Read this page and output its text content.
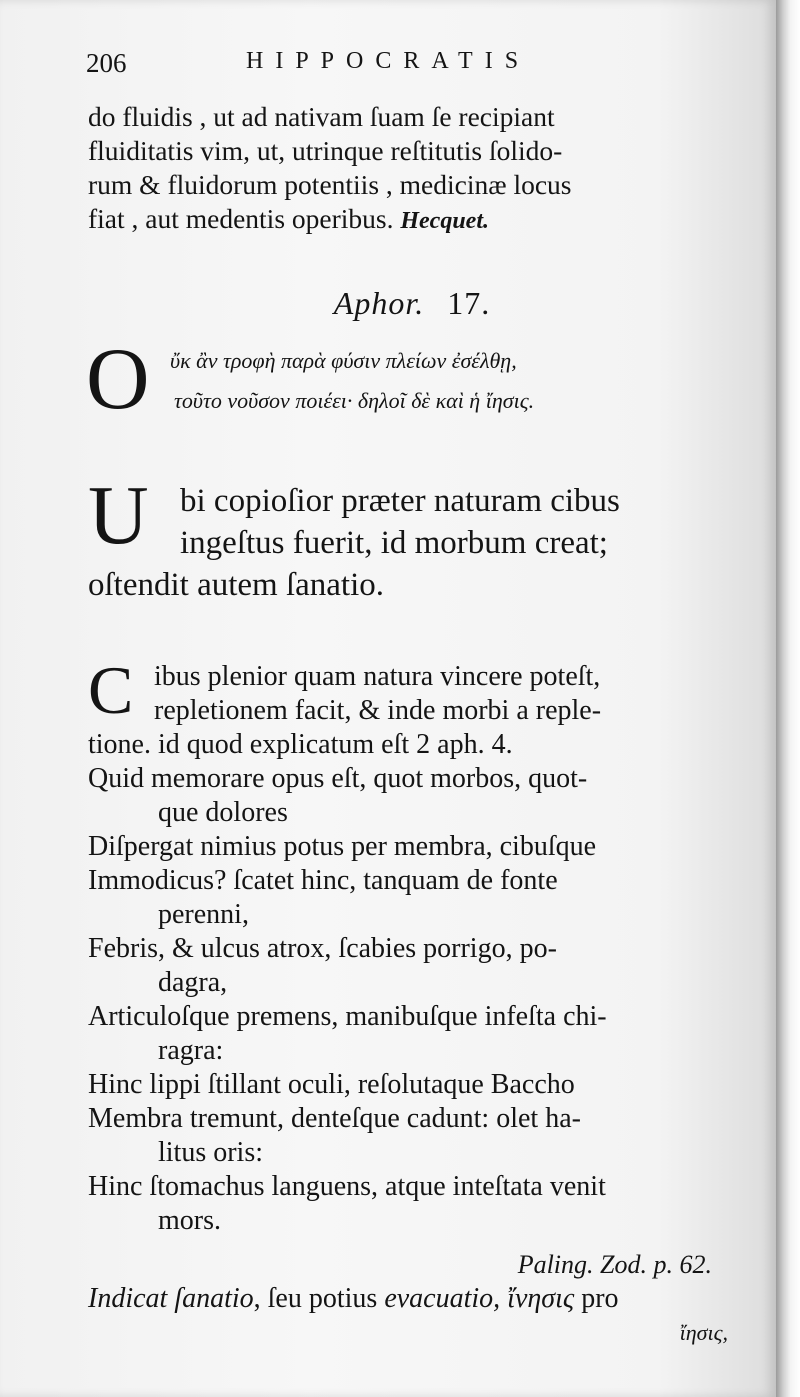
206	HIPPOCRATIS
do fluidis , ut ad nativam ſuam ſe recipiant
fluiditatis vim, ut, utrinque reſtitutis ſolido-
rum & fluidorum potentiis , medicinæ locus
fiat , aut medentis operibus. Hecquet.
Aphor. 17.
O ὔκ ἂν τροφὴ παρὰ φύσιν πλείων ἐσέλθῃ,
τοῦτο νοῦσον ποιέει· δηλοῖ δὲ καὶ ἡ ἴησις.
U bi copioſior præter naturam cibus
ingeſtus fuerit, id morbum creat;
oſtendit autem ſanatio.
C ibus plenior quam natura vincere poteſt,
repletionem facit, & inde morbi a reple-
tione. id quod explicatum eſt 2 aph. 4.
Quid memorare opus eſt, quot morbos, quot-
que dolores
Diſpergat nimius potus per membra, cibuſque
Immodicus? ſcatet hinc, tanquam de fonte
perenni,
Febris, & ulcus atrox, ſcabies porrigo, po-
dagra,
Articuloſque premens, manibuſque infeſta chi-
ragra:
Hinc lippi ſtillant oculi, reſolutaque Baccho
Membra tremunt, denteſque cadunt: olet ha-
litus oris:
Hinc ſtomachus languens, atque inteſtata venit
mors.
Paling. Zod. p. 62.
Indicat ſanatio, ſeu potius evacuatio, ἴνησις pro
ἴησις,
